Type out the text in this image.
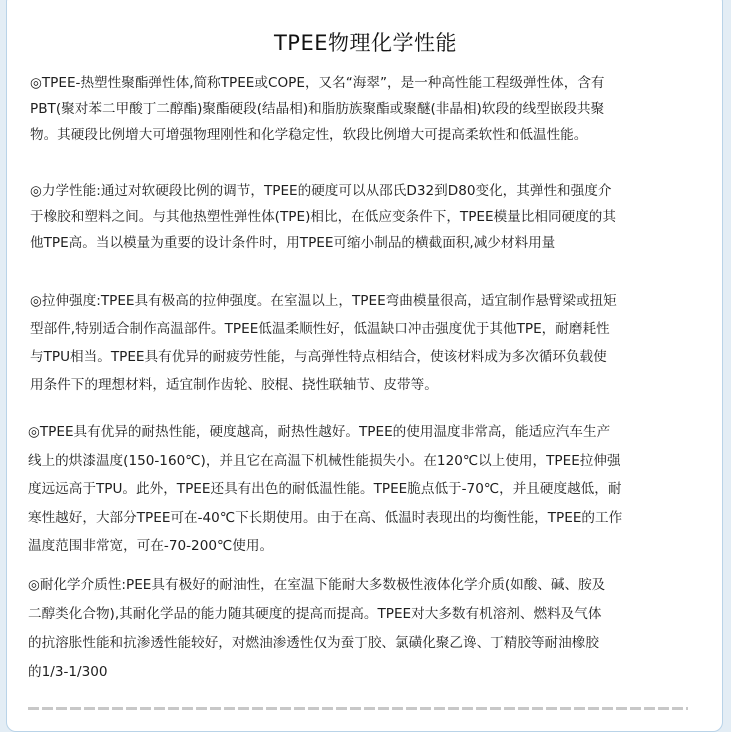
TPEE物理化学性能
◎TPEE-热塑性聚酯弹性体,简称TPEE或COPE，又名“海翠”，是一种高性能工程级弹性体，含有
PBT(聚对苯二甲酸丁二醇酯)聚酯硬段(结晶相)和脂肪族聚酯或聚醚(非晶相)软段的线型嵌段共聚
物。其硬段比例增大可增强物理刚性和化学稳定性，软段比例增大可提高柔软性和低温性能。
◎力学性能:通过对软硬段比例的调节，TPEE的硬度可以从邵氏D32到D80变化，其弹性和强度介
于橡胶和塑料之间。与其他热塑性弹性体(TPE)相比，在低应变条件下，TPEE模量比相同硬度的其
他TPE高。当以模量为重要的设计条件时，用TPEE可缩小制品的横截面积,减少材料用量
◎拉伸强度:TPEE具有极高的拉伸强度。在室温以上，TPEE弯曲模量很高，适宜制作悬臂梁或扭矩
型部件,特别适合制作高温部件。TPEE低温柔顺性好，低温缺口冲击强度优于其他TPE，耐磨耗性
与TPU相当。TPEE具有优异的耐疲劳性能，与高弹性特点相结合，使该材料成为多次循环负载使
用条件下的理想材料，适宜制作齿轮、胶棍、挠性联轴节、皮带等。
◎TPEE具有优异的耐热性能，硬度越高，耐热性越好。TPEE的使用温度非常高，能适应汽车生产
线上的烘漆温度(150-160℃)，并且它在高温下机械性能损失小。在120℃以上使用，TPEE拉伸强
度远远高于TPU。此外，TPEE还具有出色的耐低温性能。TPEE脆点低于-70℃，并且硬度越低，耐
寒性越好，大部分TPEE可在-40℃下长期使用。由于在高、低温时表现出的均衡性能，TPEE的工作
温度范围非常宽，可在-70-200℃使用。
◎耐化学介质性:PEE具有极好的耐油性，在室温下能耐大多数极性液体化学介质(如酸、碱、胺及
二醇类化合物),其耐化学品的能力随其硬度的提高而提高。TPEE对大多数有机溶剂、燃料及气体
的抗溶胀性能和抗渗透性能较好，对燃油渗透性仅为蚕丁胶、氯磺化聚乙谗、丁精胶等耐油橡胶
的1/3-1/300
